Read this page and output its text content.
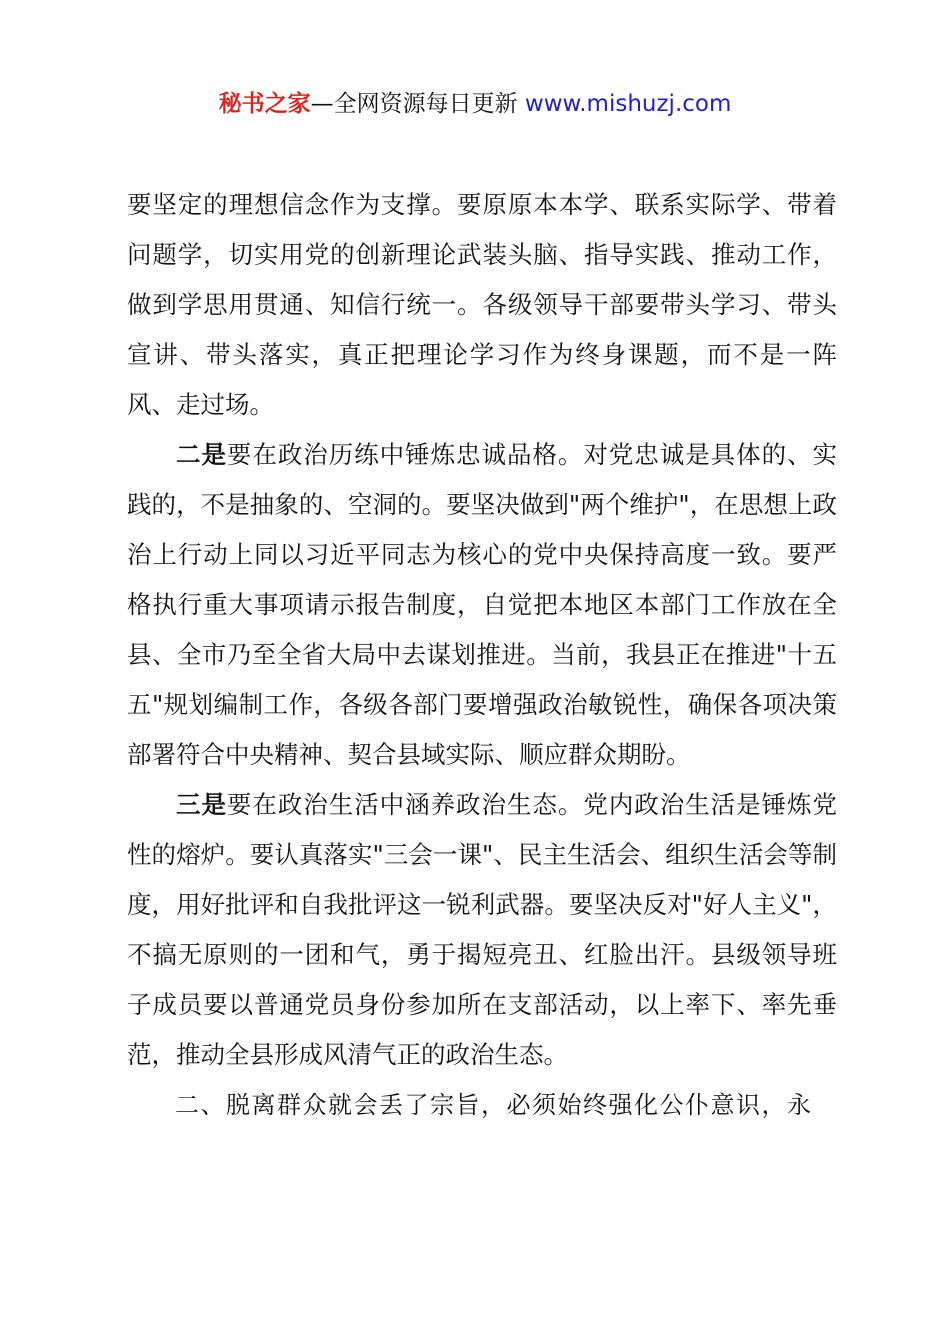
秘书之家—全网资源每日更新 www.mishuzj.com

要坚定的理想信念作为支撑。要原原本本学、联系实际学、带着问题学，切实用党的创新理论武装头脑、指导实践、推动工作，做到学思用贯通、知信行统一。各级领导干部要带头学习、带头宣讲、带头落实，真正把理论学习作为终身课题，而不是一阵风、走过场。

二是要在政治历练中锤炼忠诚品格。对党忠诚是具体的、实践的，不是抽象的、空洞的。要坚决做到"两个维护"，在思想上政治上行动上同以习近平同志为核心的党中央保持高度一致。要严格执行重大事项请示报告制度，自觉把本地区本部门工作放在全县、全市乃至全省大局中去谋划推进。当前，我县正在推进"十五五"规划编制工作，各级各部门要增强政治敏锐性，确保各项决策部署符合中央精神、契合县域实际、顺应群众期盼。

三是要在政治生活中涵养政治生态。党内政治生活是锤炼党性的熔炉。要认真落实"三会一课"、民主生活会、组织生活会等制度，用好批评和自我批评这一锐利武器。要坚决反对"好人主义"，不搞无原则的一团和气，勇于揭短亮丑、红脸出汗。县级领导班子成员要以普通党员身份参加所在支部活动，以上率下、率先垂范，推动全县形成风清气正的政治生态。

二、脱离群众就会丢了宗旨，必须始终强化公仆意识，永
